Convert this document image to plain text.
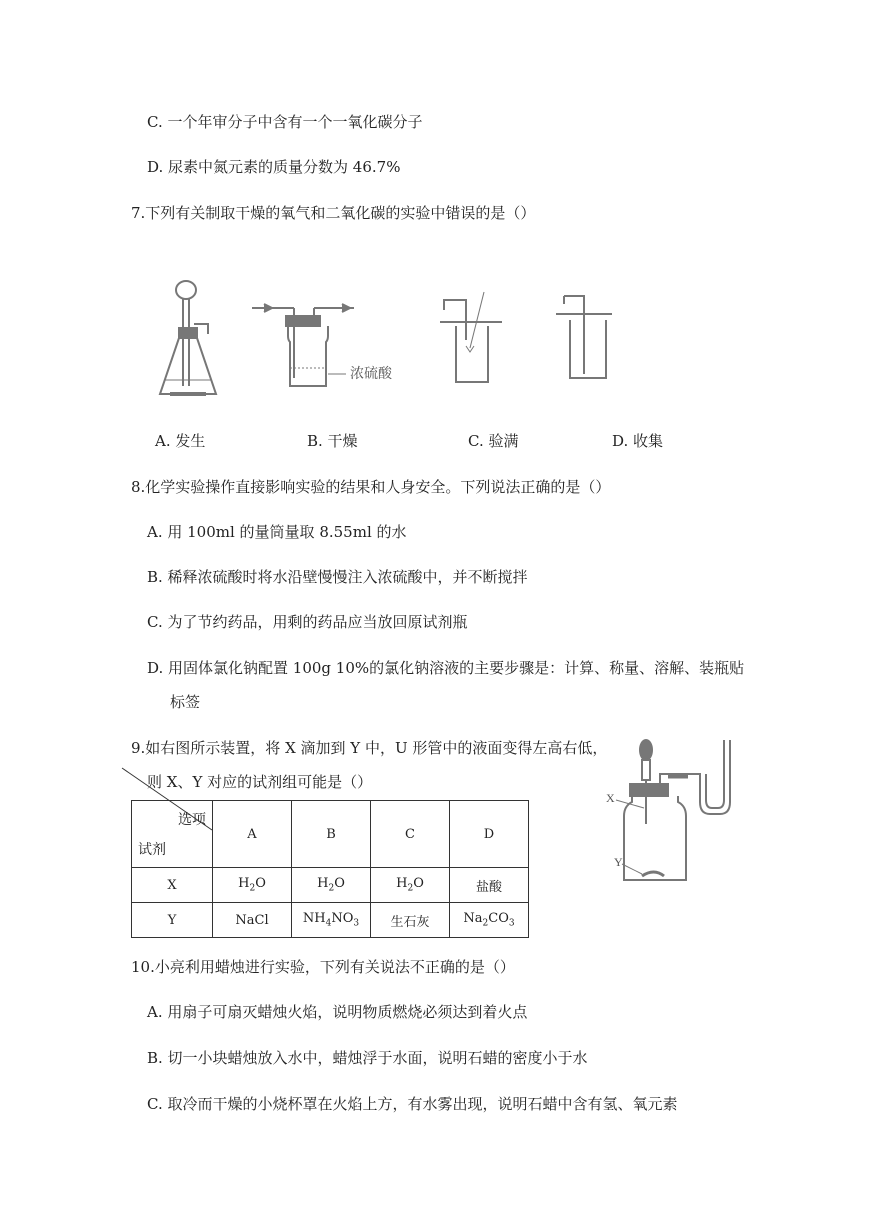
C. 一个年审分子中含有一个一氧化碳分子
D. 尿素中氮元素的质量分数为 46.7%
7.下列有关制取干燥的氧气和二氧化碳的实验中错误的是（）
浓硫酸
A. 发生	B. 干燥	C. 验满	D. 收集
8.化学实验操作直接影响实验的结果和人身安全。下列说法正确的是（）
A. 用 100ml 的量筒量取 8.55ml 的水
B. 稀释浓硫酸时将水沿壁慢慢注入浓硫酸中，并不断搅拌
C. 为了节约药品，用剩的药品应当放回原试剂瓶
D. 用固体氯化钠配置 100g 10%的氯化钠溶液的主要步骤是：计算、称量、溶解、装瓶贴
标签
9.如右图所示装置，将 X 滴加到 Y 中，U 形管中的液面变得左高右低，
则 X、Y 对应的试剂组可能是（）
选项
试剂	A	B	C	D
X	$H_2O$	$H_2O$	$H_2O$	盐酸
Y	NaCl	$NH_4NO_3$	生石灰	$Na_2CO_3$
X
Y
10.小亮利用蜡烛进行实验，下列有关说法不正确的是（）
A. 用扇子可扇灭蜡烛火焰，说明物质燃烧必须达到着火点
B. 切一小块蜡烛放入水中，蜡烛浮于水面，说明石蜡的密度小于水
C. 取冷而干燥的小烧杯罩在火焰上方，有水雾出现，说明石蜡中含有氢、氧元素
